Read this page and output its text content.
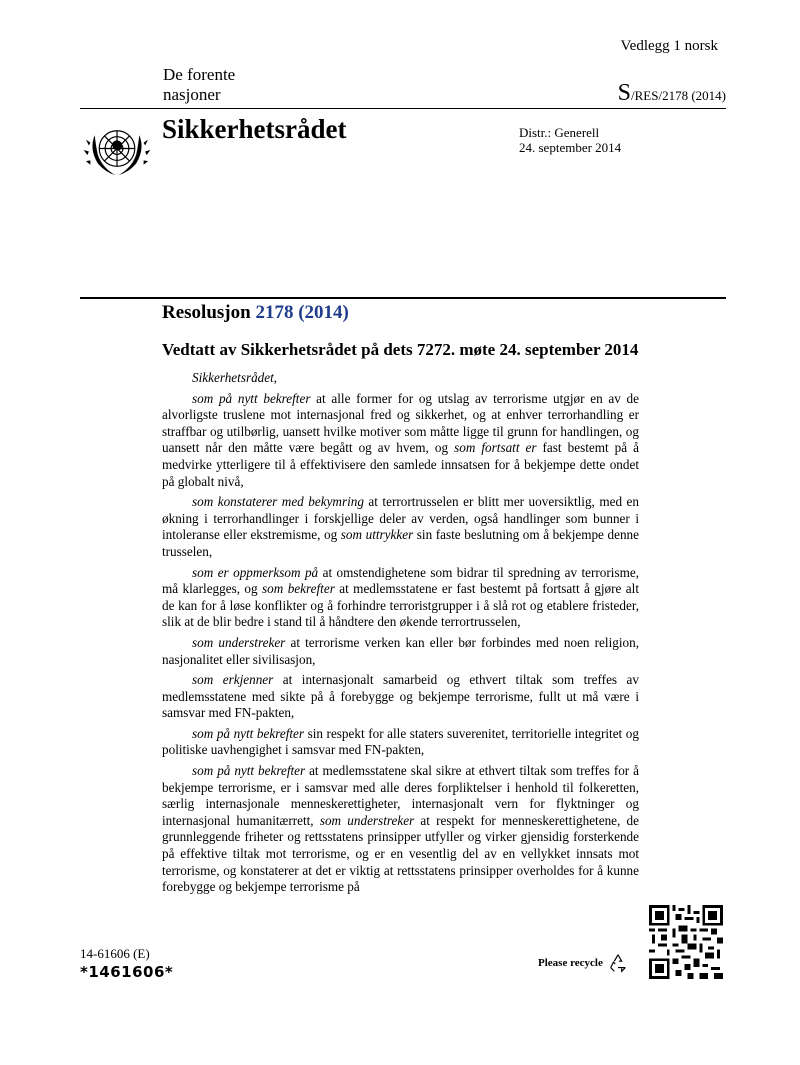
Vedlegg 1 norsk
De forente
nasjoner	S/RES/2178 (2014)
Sikkerhetsrådet	Distr.: Generell
24. september 2014
Resolusjon 2178 (2014)
Vedtatt av Sikkerhetsrådet på dets 7272. møte 24. september 2014

Sikkerhetsrådet,

som på nytt bekrefter at alle former for og utslag av terrorisme utgjør en av de alvorligste truslene mot internasjonal fred og sikkerhet, og at enhver terrorhandling er straffbar og utilbørlig, uansett hvilke motiver som måtte ligge til grunn for handlingen, og uansett når den måtte være begått og av hvem, og som fortsatt er fast bestemt på å medvirke ytterligere til å effektivisere den samlede innsatsen for å bekjempe dette ondet på globalt nivå,

som konstaterer med bekymring at terrortrusselen er blitt mer uoversiktlig, med en økning i terrorhandlinger i forskjellige deler av verden, også handlinger som bunner i intoleranse eller ekstremisme, og som uttrykker sin faste beslutning om å bekjempe denne trusselen,

som er oppmerksom på at omstendighetene som bidrar til spredning av terrorisme, må klarlegges, og som bekrefter at medlemsstatene er fast bestemt på fortsatt å gjøre alt de kan for å løse konflikter og å forhindre terroristgrupper i å slå rot og etablere fristeder, slik at de blir bedre i stand til å håndtere den økende terrortrusselen,

som understreker at terrorisme verken kan eller bør forbindes med noen religion, nasjonalitet eller sivilisasjon,

som erkjenner at internasjonalt samarbeid og ethvert tiltak som treffes av medlemsstatene med sikte på å forebygge og bekjempe terrorisme, fullt ut må være i samsvar med FN-pakten,

som på nytt bekrefter sin respekt for alle staters suverenitet, territorielle integritet og politiske uavhengighet i samsvar med FN-pakten,

som på nytt bekrefter at medlemsstatene skal sikre at ethvert tiltak som treffes for å bekjempe terrorisme, er i samsvar med alle deres forpliktelser i henhold til folkeretten, særlig internasjonale menneskerettigheter, internasjonalt vern for flyktninger og internasjonal humanitærrett, som understreker at respekt for menneskerettighetene, de grunnleggende friheter og rettsstatens prinsipper utfyller og virker gjensidig forsterkende på effektive tiltak mot terrorisme, og er en vesentlig del av en vellykket innsats mot terrorisme, og konstaterer at det er viktig at rettsstatens prinsipper overholdes for å kunne forebygge og bekjempe terrorisme på

14-61606 (E)
*1461606*	Please recycle
